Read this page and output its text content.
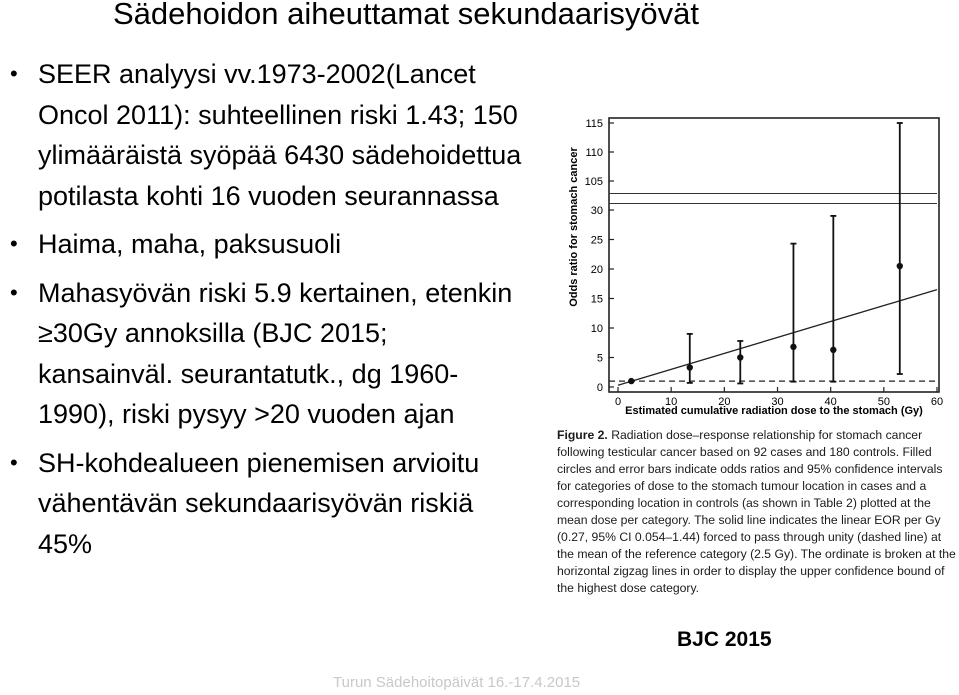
Sädehoidon aiheuttamat sekundaarisyövät
• SEER analyysi vv.1973-2002(Lancet Oncol 2011): suhteellinen riski 1.43; 150 ylimääräistä syöpää 6430 sädehoidettua potilasta kohti 16 vuoden seurannassa
• Haima, maha, paksusuoli
• Mahasyövän riski 5.9 kertainen, etenkin ≥30Gy annoksilla (BJC 2015; kansainväl. seurantatutk., dg 1960-1990), riski pysyy >20 vuoden ajan
• SH-kohdealueen pienemisen arvioitu vähentävän sekundaarisyövän riskiä 45%
0	10	20	30	40	50	60
0
5
10
15
20
25
30
105
110
115
Odds ratio for stomach cancer
Estimated cumulative radiation dose to the stomach (Gy)
Figure 2. Radiation dose–response relationship for stomach cancer following testicular cancer based on 92 cases and 180 controls. Filled circles and error bars indicate odds ratios and 95% confidence intervals for categories of dose to the stomach tumour location in cases and a corresponding location in controls (as shown in Table 2) plotted at the mean dose per category. The solid line indicates the linear EOR per Gy (0.27, 95% CI 0.054–1.44) forced to pass through unity (dashed line) at the mean of the reference category (2.5 Gy). The ordinate is broken at the horizontal zigzag lines in order to display the upper confidence bound of the highest dose category.
BJC 2015
Turun Sädehoitopäivät 16.-17.4.2015
